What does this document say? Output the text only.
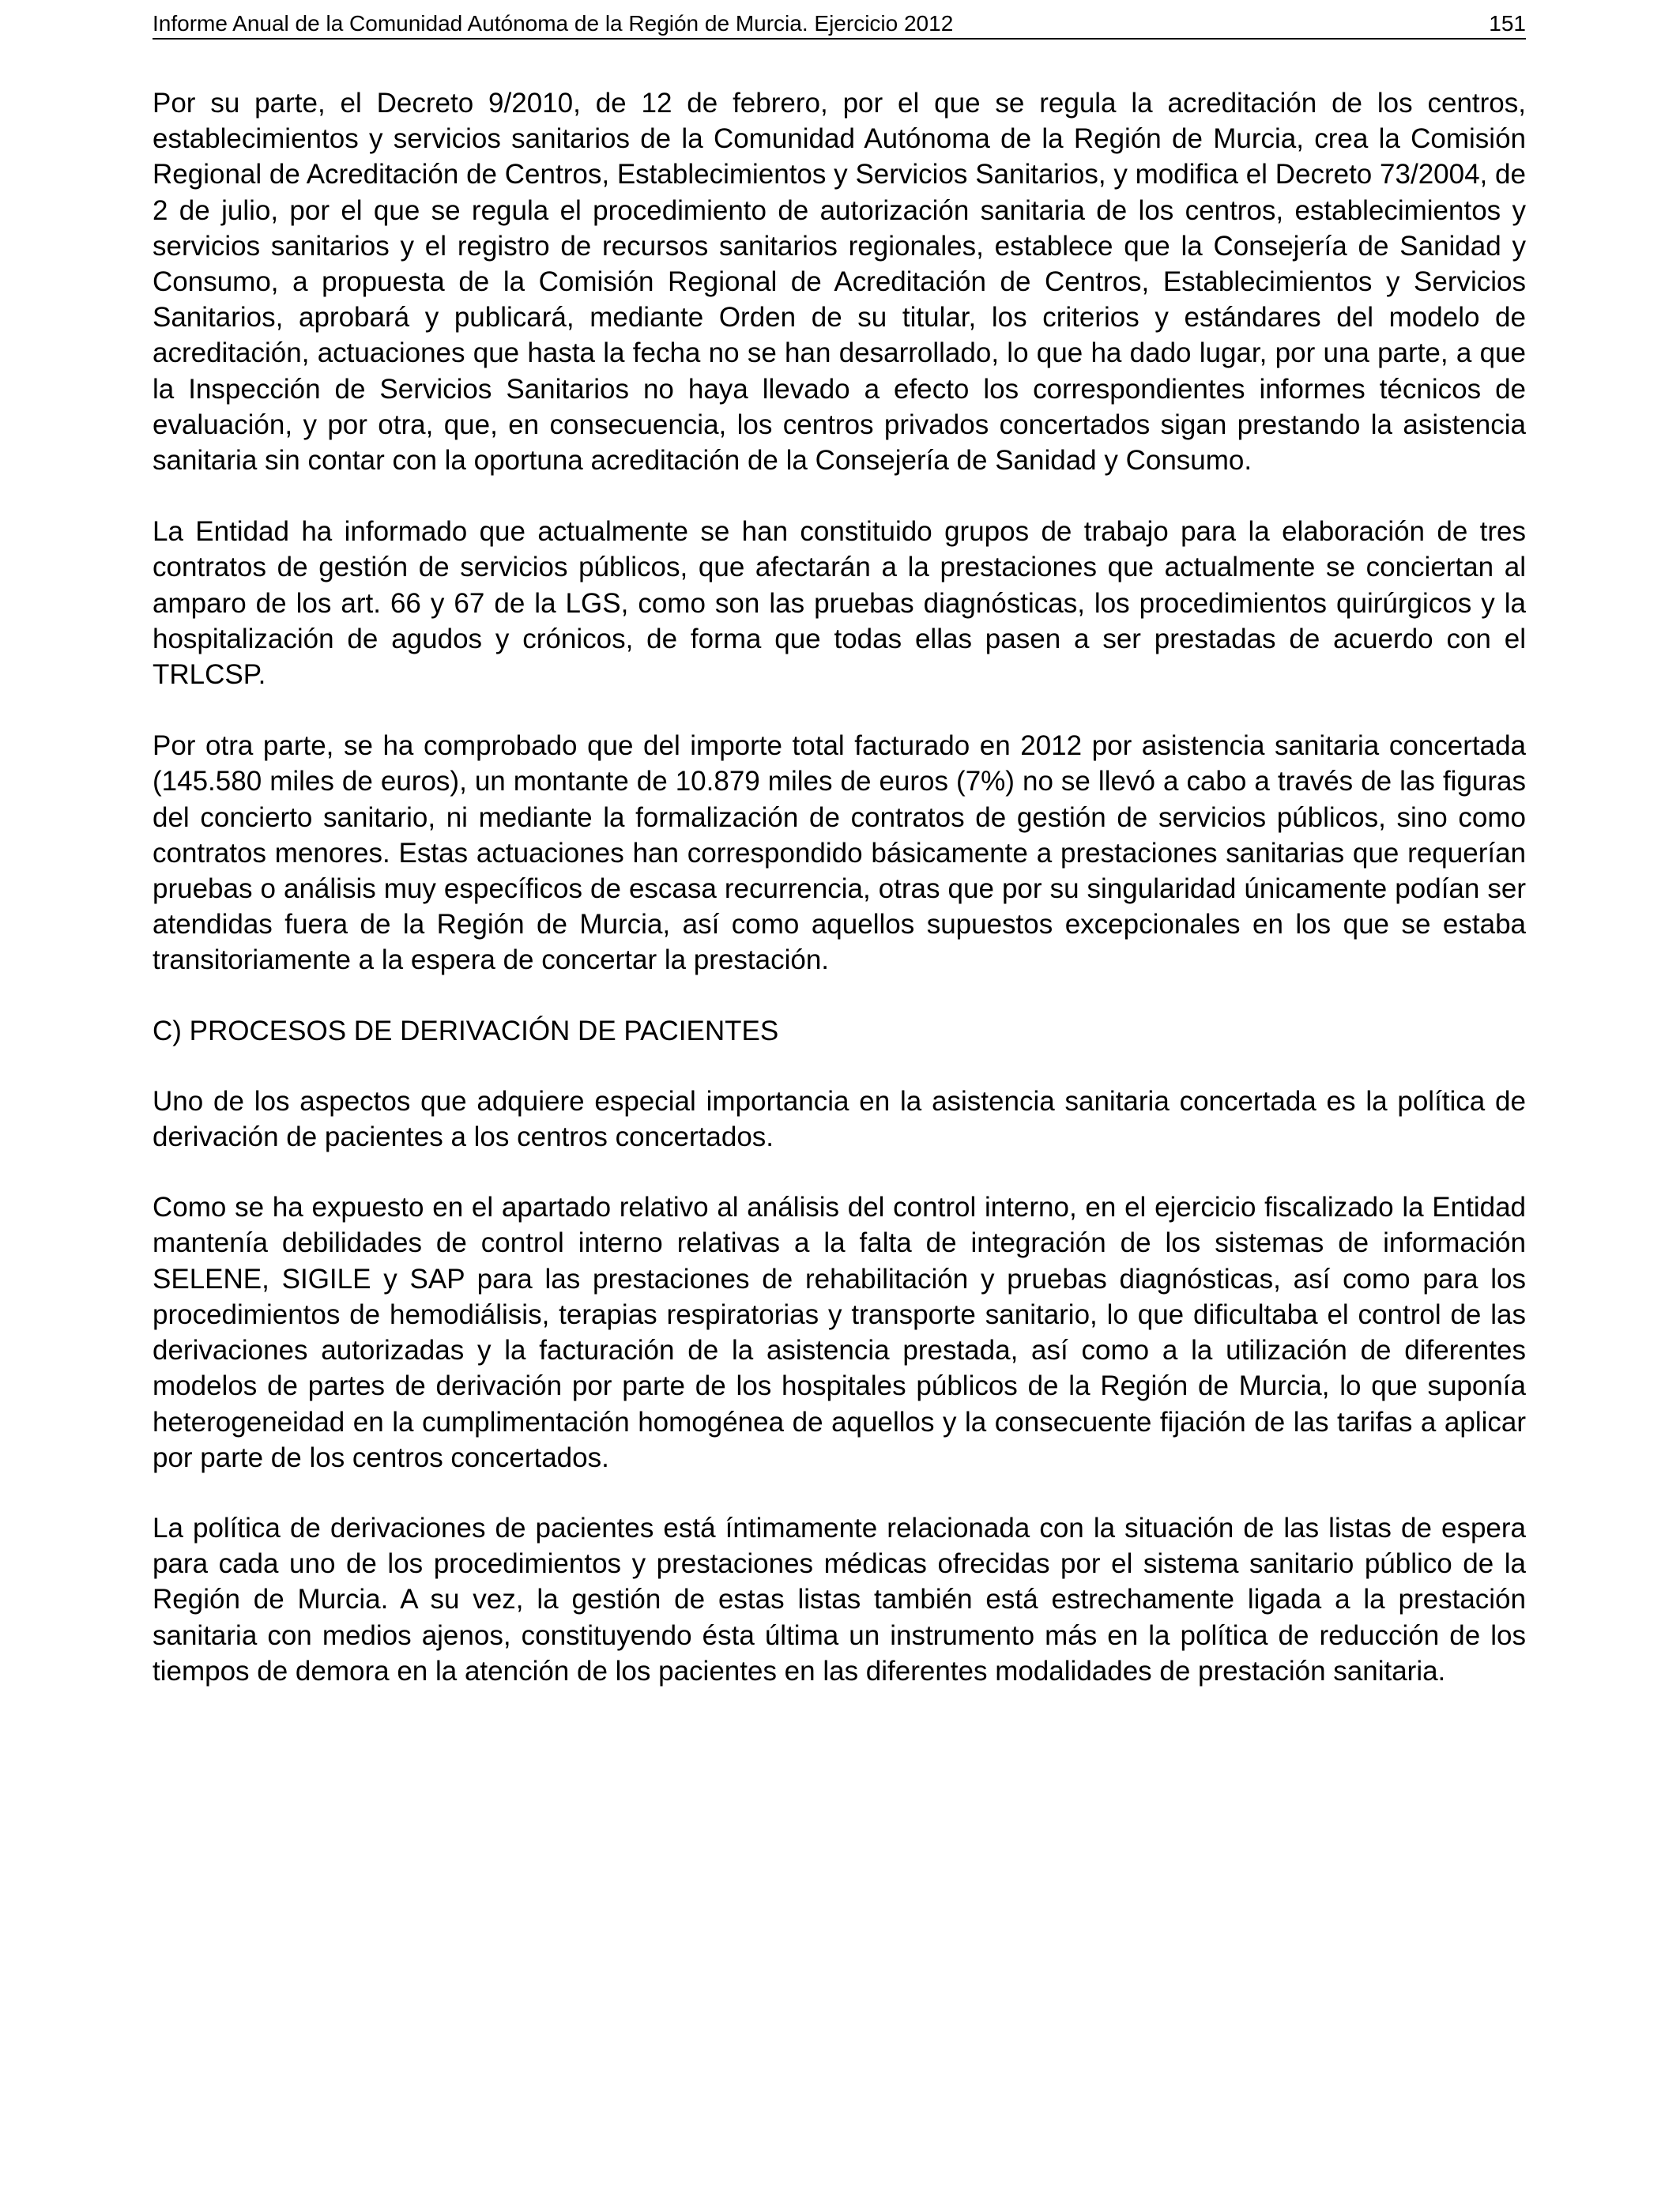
Informe Anual de la Comunidad Autónoma de la Región de Murcia. Ejercicio 2012	151

Por su parte, el Decreto 9/2010, de 12 de febrero, por el que se regula la acreditación de los centros, establecimientos y servicios sanitarios de la Comunidad Autónoma de la Región de Murcia, crea la Comisión Regional de Acreditación de Centros, Establecimientos y Servicios Sanitarios, y modifica el Decreto 73/2004, de 2 de julio, por el que se regula el procedimiento de autorización sanitaria de los centros, establecimientos y servicios sanitarios y el registro de recursos sanitarios regionales, establece que la Consejería de Sanidad y Consumo, a propuesta de la Comisión Regional de Acreditación de Centros, Establecimientos y Servicios Sanitarios, aprobará y publicará, mediante Orden de su titular, los criterios y estándares del modelo de acreditación, actuaciones que hasta la fecha no se han desarrollado, lo que ha dado lugar, por una parte, a que la Inspección de Servicios Sanitarios no haya llevado a efecto los correspondientes informes técnicos de evaluación, y por otra, que, en consecuencia, los centros privados concertados sigan prestando la asistencia sanitaria sin contar con la oportuna acreditación de la Consejería de Sanidad y Consumo.

La Entidad ha informado que actualmente se han constituido grupos de trabajo para la elaboración de tres contratos de gestión de servicios públicos, que afectarán a la prestaciones que actualmente se conciertan al amparo de los art. 66 y 67 de la LGS, como son las pruebas diagnósticas, los procedimientos quirúrgicos y la hospitalización de agudos y crónicos, de forma que todas ellas pasen a ser prestadas de acuerdo con el TRLCSP.

Por otra parte, se ha comprobado que del importe total facturado en 2012 por asistencia sanitaria concertada (145.580 miles de euros), un montante de 10.879 miles de euros (7%) no se llevó a cabo a través de las figuras del concierto sanitario, ni mediante la formalización de contratos de gestión de servicios públicos, sino como contratos menores. Estas actuaciones han correspondido básicamente a prestaciones sanitarias que requerían pruebas o análisis muy específicos de escasa recurrencia, otras que por su singularidad únicamente podían ser atendidas fuera de la Región de Murcia, así como aquellos supuestos excepcionales en los que se estaba transitoriamente a la espera de concertar la prestación.

C) PROCESOS DE DERIVACIÓN DE PACIENTES

Uno de los aspectos que adquiere especial importancia en la asistencia sanitaria concertada es la política de derivación de pacientes a los centros concertados.

Como se ha expuesto en el apartado relativo al análisis del control interno, en el ejercicio fiscalizado la Entidad mantenía debilidades de control interno relativas a la falta de integración de los sistemas de información SELENE, SIGILE y SAP para las prestaciones de rehabilitación y pruebas diagnósticas, así como para los procedimientos de hemodiálisis, terapias respiratorias y transporte sanitario, lo que dificultaba el control de las derivaciones autorizadas y la facturación de la asistencia prestada, así como a la utilización de diferentes modelos de partes de derivación por parte de los hospitales públicos de la Región de Murcia, lo que suponía heterogeneidad en la cumplimentación homogénea de aquellos y la consecuente fijación de las tarifas a aplicar por parte de los centros concertados.

La política de derivaciones de pacientes está íntimamente relacionada con la situación de las listas de espera para cada uno de los procedimientos y prestaciones médicas ofrecidas por el sistema sanitario público de la Región de Murcia. A su vez, la gestión de estas listas también está estrechamente ligada a la prestación sanitaria con medios ajenos, constituyendo ésta última un instrumento más en la política de reducción de los tiempos de demora en la atención de los pacientes en las diferentes modalidades de prestación sanitaria.
